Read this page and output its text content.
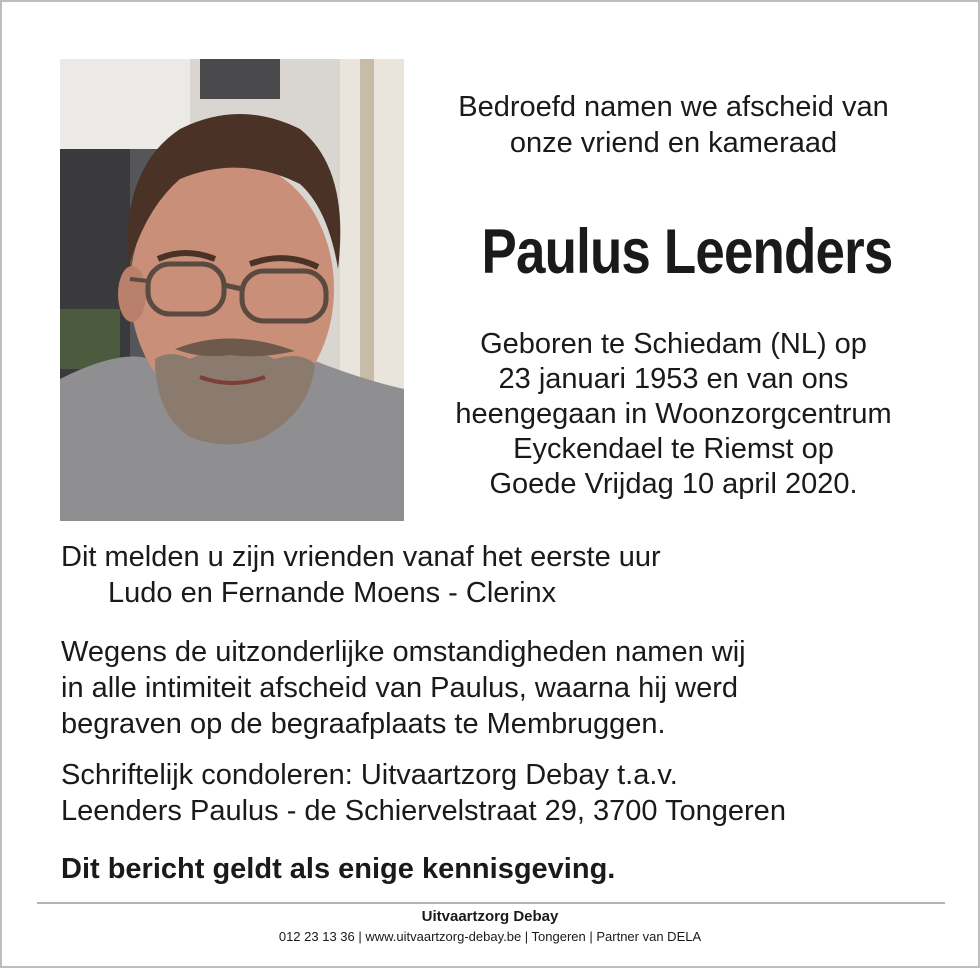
Bedroefd namen we afscheid van
onze vriend en kameraad
Paulus Leenders
Geboren te Schiedam (NL) op
23 januari 1953 en van ons
heengegaan in Woonzorgcentrum
Eyckendael te Riemst op
Goede Vrijdag 10 april 2020.
Dit melden u zijn vrienden vanaf het eerste uur
Ludo en Fernande Moens - Clerinx
Wegens de uitzonderlijke omstandigheden namen wij
in alle intimiteit afscheid van Paulus, waarna hij werd
begraven op de begraafplaats te Membruggen.
Schriftelijk condoleren: Uitvaartzorg Debay t.a.v.
Leenders Paulus - de Schiervelstraat 29, 3700 Tongeren
Dit bericht geldt als enige kennisgeving.
Uitvaartzorg Debay
012 23 13 36 | www.uitvaartzorg-debay.be | Tongeren | Partner van DELA
